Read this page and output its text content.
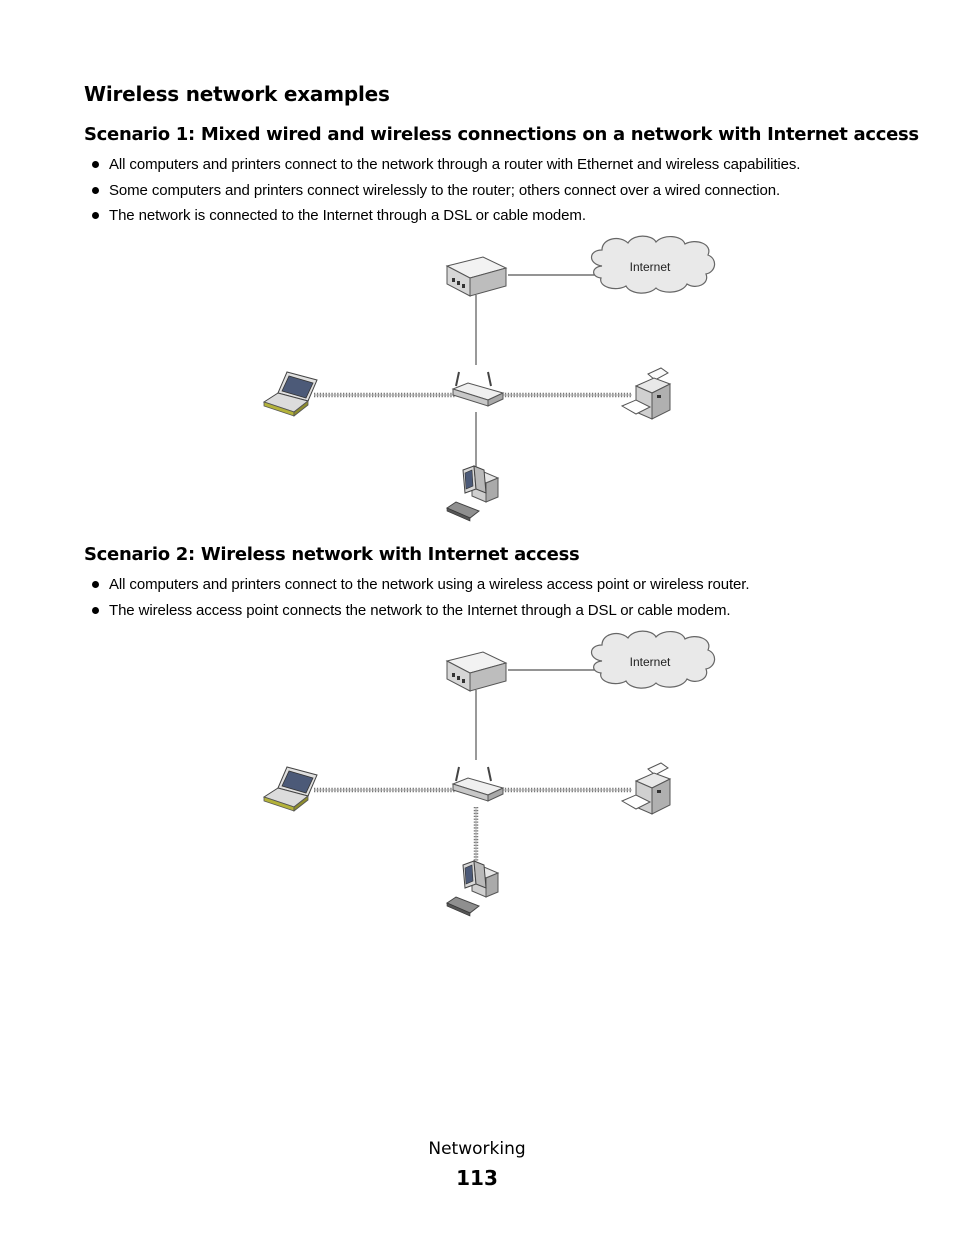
Wireless network examples
Scenario 1: Mixed wired and wireless connections on a network with Internet access
All computers and printers connect to the network through a router with Ethernet and wireless capabilities.
Some computers and printers connect wirelessly to the router; others connect over a wired connection.
The network is connected to the Internet through a DSL or cable modem.
Internet
Scenario 2: Wireless network with Internet access
All computers and printers connect to the network using a wireless access point or wireless router.
The wireless access point connects the network to the Internet through a DSL or cable modem.
Internet
Networking
113
